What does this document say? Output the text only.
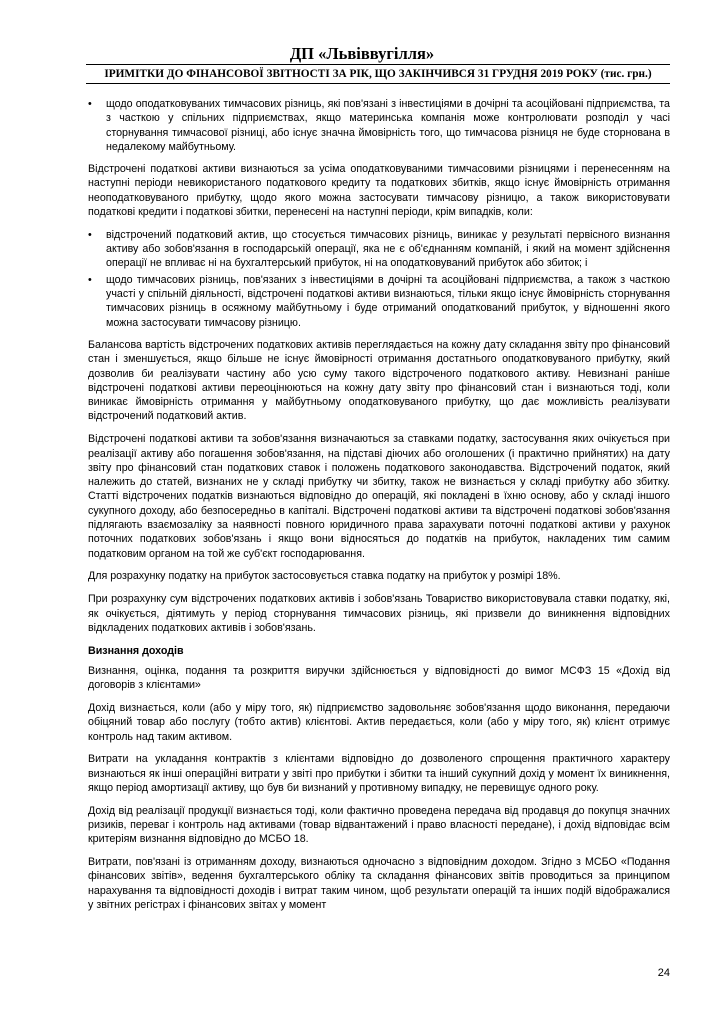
ДП «Львіввугілля»
ІРИМІТКИ ДО ФІНАНСОВОЇ ЗВІТНОСТІ ЗА РІК, ЩО ЗАКІНЧИВСЯ 31 ГРУДНЯ 2019 РОКУ (тис. грн.)
• щодо оподатковуваних тимчасових різниць, які пов'язані з інвестиціями в дочірні та асоційовані підприємства, та з часткою у спільних підприємствах, якщо материнська компанія може контролювати розподіл у часі сторнування тимчасової різниці, або існує значна ймовірність того, що тимчасова різниця не буде сторнована в недалекому майбутньому.

Відстрочені податкові активи визнаються за усіма оподатковуваними тимчасовими різницями і перенесенням на наступні періоди невикористаного податкового кредиту та податкових збитків, якщо існує ймовірність отримання неоподатковуваного прибутку, щодо якого можна застосувати тимчасову різницю, а також використовувати податкові кредити і податкові збитки, перенесені на наступні періоди, крім випадків, коли:

• відстрочений податковий актив, що стосується тимчасових різниць, виникає у результаті первісного визнання активу або зобов'язання в господарській операції, яка не є об'єднанням компаній, і який на момент здійснення операції не впливає ні на бухгалтерський прибуток, ні на оподатковуваний прибуток або збиток; і
• щодо тимчасових різниць, пов'язаних з інвестиціями в дочірні та асоційовані підприємства, а також з часткою участі у спільній діяльності, відстрочені податкові активи визнаються, тільки якщо існує ймовірність сторнування тимчасових різниць в осяжному майбутньому і буде отриманий оподаткований прибуток, у відношенні якого можна застосувати тимчасову різницю.

Балансова вартість відстрочених податкових активів переглядається на кожну дату складання звіту про фінансовий стан і зменшується, якщо більше не існує ймовірності отримання достатнього оподатковуваного прибутку, який дозволив би реалізувати частину або усю суму такого відстроченого податкового активу. Невизнані раніше відстрочені податкові активи переоцінюються на кожну дату звіту про фінансовий стан і визнаються тоді, коли виникає ймовірність отримання у майбутньому оподатковуваного прибутку, що дає можливість реалізувати відстрочений податковий актив.

Відстрочені податкові активи та зобов'язання визначаються за ставками податку, застосування яких очікується при реалізації активу або погашення зобов'язання, на підставі діючих або оголошених (і практично прийнятих) на дату звіту про фінансовий стан податкових ставок і положень податкового законодавства. Відстрочений податок, який належить до статей, визнаних не у складі прибутку чи збитку, також не визнається у складі прибутку або збитку. Статті відстрочених податків визнаються відповідно до операцій, які покладені в їхню основу, або у складі іншого сукупного доходу, або безпосередньо в капіталі. Відстрочені податкові активи та відстрочені податкові зобов'язання підлягають взаємозаліку за наявності повного юридичного права зарахувати поточні податкові активи у рахунок поточних податкових зобов'язань і якщо вони відносяться до податків на прибуток, накладених тим самим податковим органом на той же суб'єкт господарювання.

Для розрахунку податку на прибуток застосовується ставка податку на прибуток у розмірі 18%.

При розрахунку сум відстрочених податкових активів і зобов'язань Товариство використовувала ставки податку, які, як очікується, діятимуть у період сторнування тимчасових різниць, які призвели до виникнення відповідних відкладених податкових активів і зобов'язань.

Визнання доходів

Визнання, оцінка, подання та розкриття виручки здійснюється у відповідності до вимог МСФЗ 15 «Дохід від договорів з клієнтами»

Дохід визнається, коли (або у міру того, як) підприємство задовольняє зобов'язання щодо виконання, передаючи обіцяний товар або послугу (тобто актив) клієнтові. Актив передається, коли (або у міру того, як) клієнт отримує контроль над таким активом.

Витрати на укладання контрактів з клієнтами відповідно до дозволеного спрощення практичного характеру визнаються як інші операційні витрати у звіті про прибутки і збитки та інший сукупний дохід у момент їх виникнення, якщо період амортизації активу, що був би визнаний у противному випадку, не перевищує одного року.

Дохід від реалізації продукції визнається тоді, коли фактично проведена передача від продавця до покупця значних ризиків, переваг і контроль над активами (товар відвантажений і право власності передане), і дохід відповідає всім критеріям визнання відповідно до МСБО 18.

Витрати, пов'язані із отриманням доходу, визнаються одночасно з відповідним доходом. Згідно з МСБО «Подання фінансових звітів», ведення бухгалтерського обліку та складання фінансових звітів проводиться за принципом нарахування та відповідності доходів і витрат таким чином, щоб результати операцій та інших подій відображалися у звітних регістрах і фінансових звітах у момент

24
